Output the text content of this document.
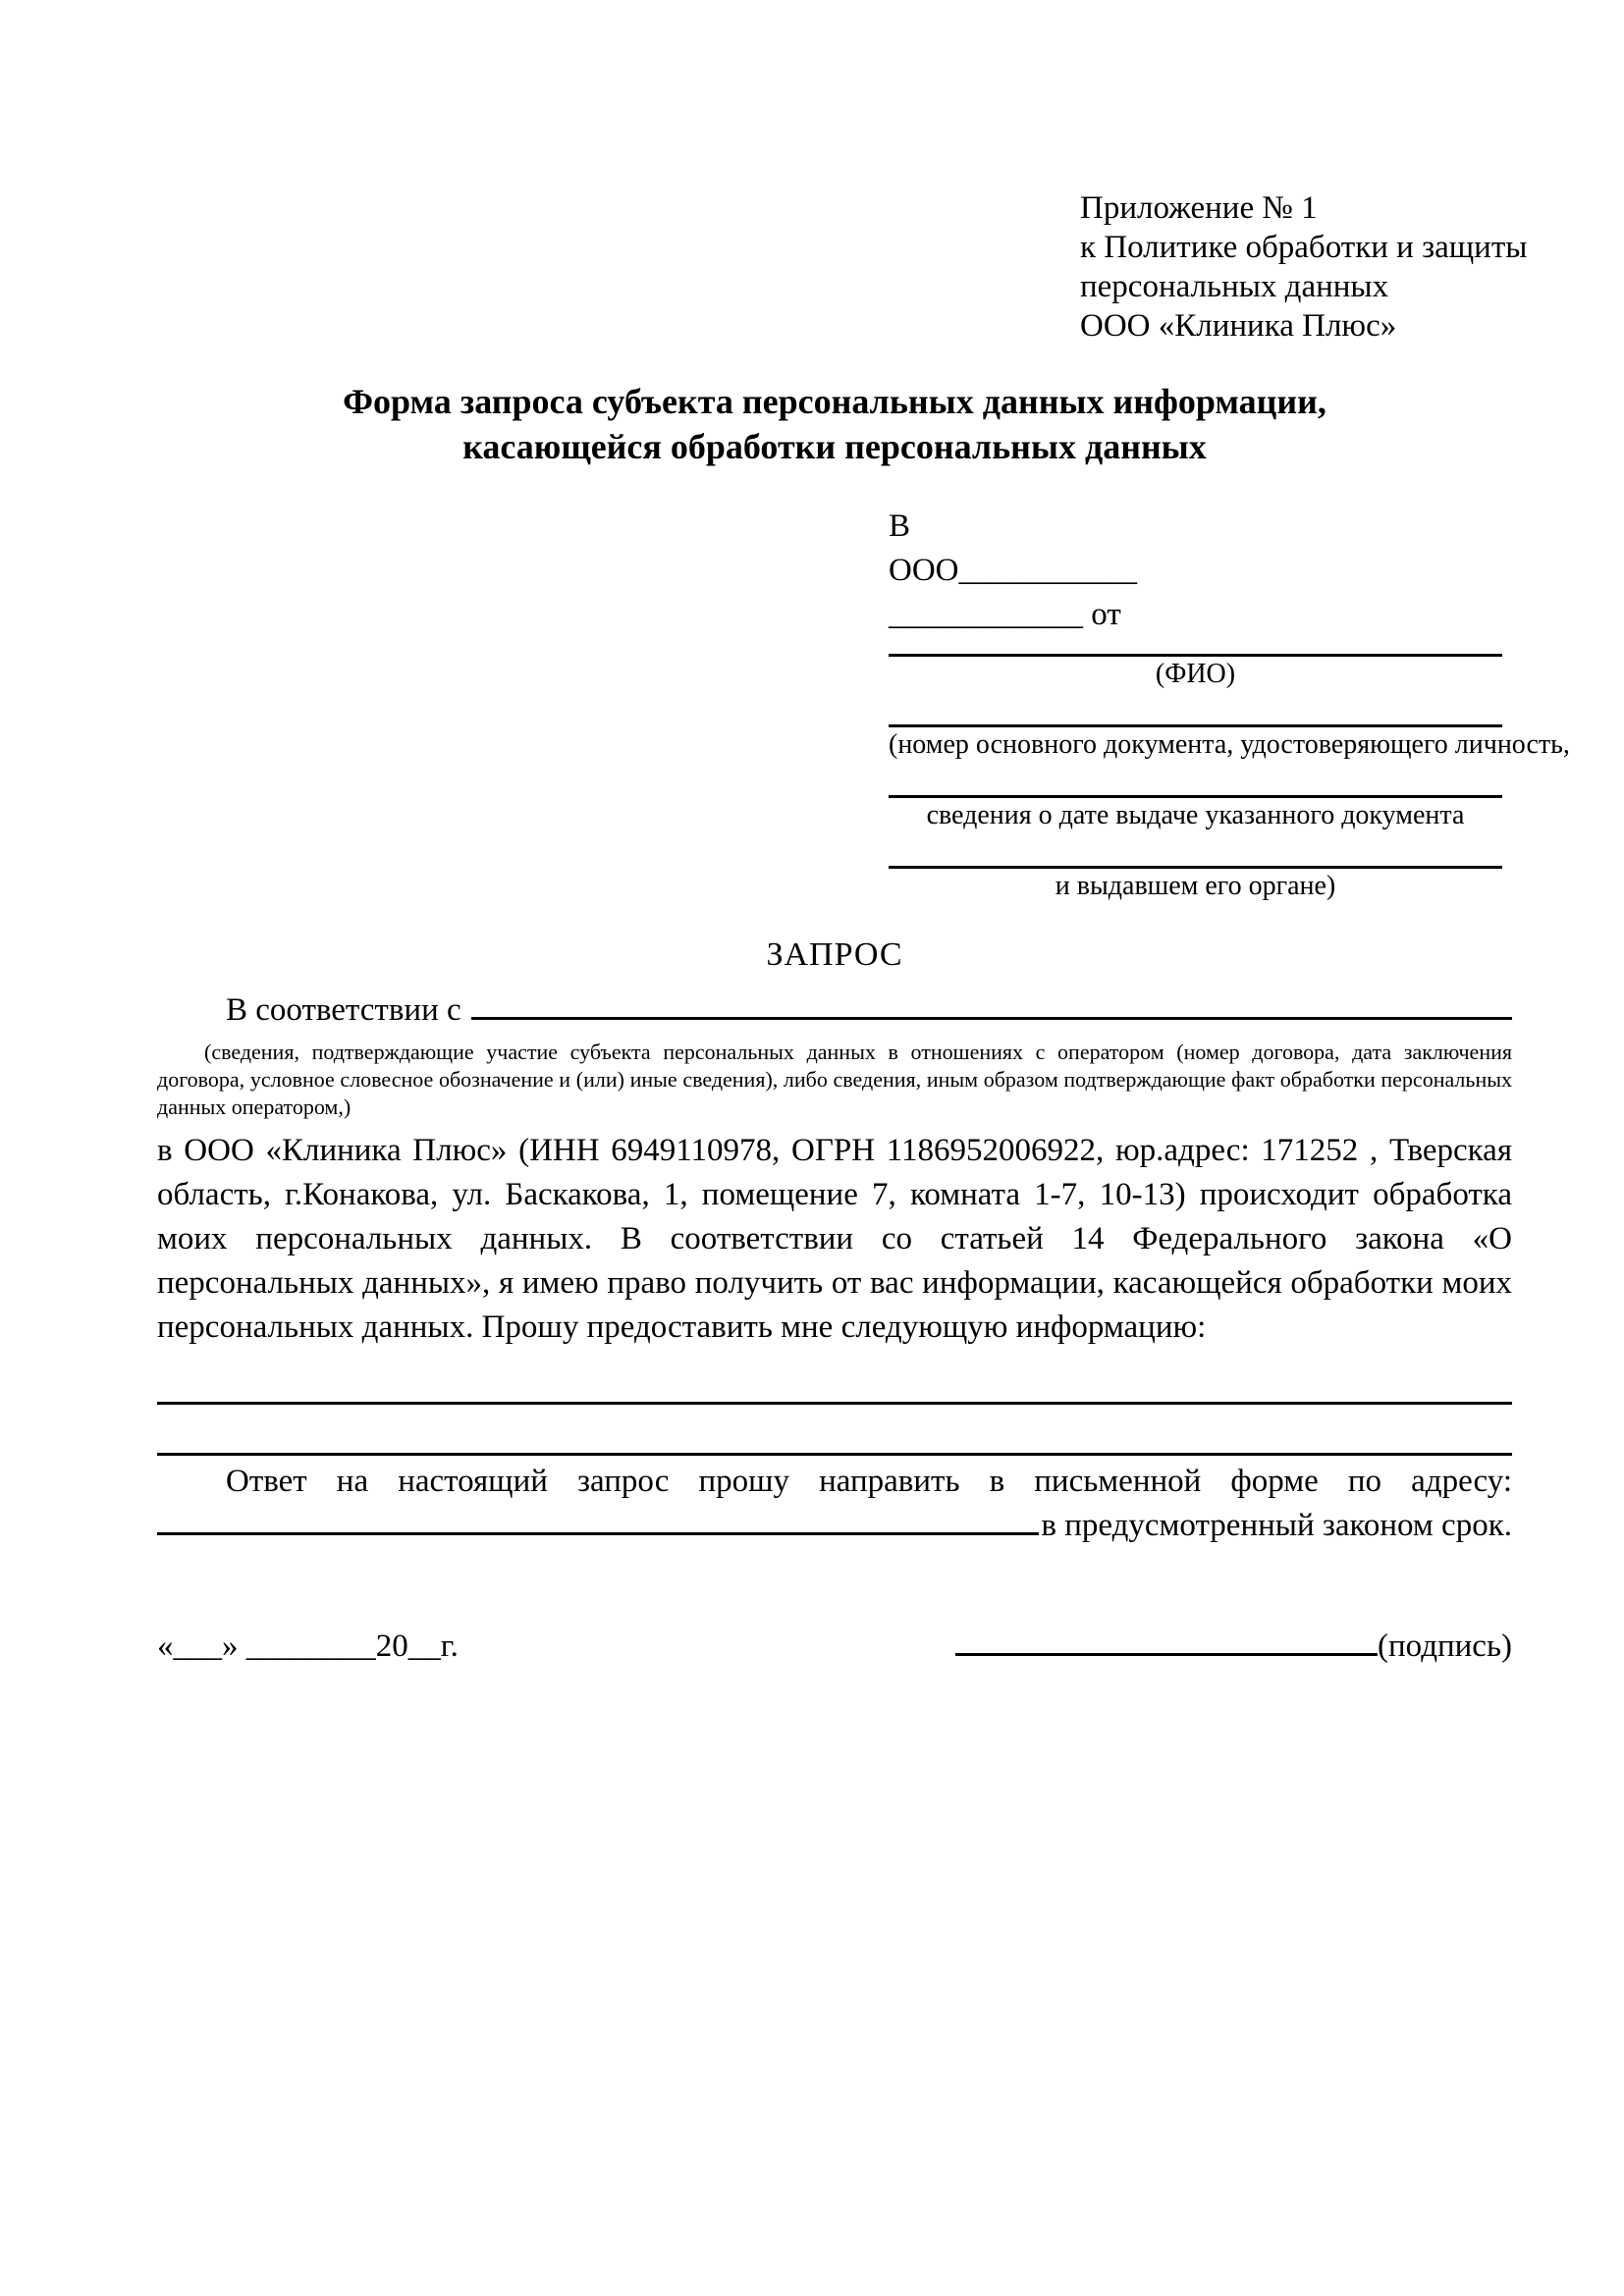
Приложение № 1
к Политике обработки и защиты
персональных данных
ООО «Клиника Плюс»
Форма запроса субъекта персональных данных информации, касающейся обработки персональных данных
В
ООО___________
____________ от
(ФИО)
(номер основного документа, удостоверяющего личность,
сведения о дате выдаче указанного документа
и выдавшем его органе)
ЗАПРОС
В соответствии с
(сведения, подтверждающие участие субъекта персональных данных в отношениях с оператором (номер договора, дата заключения договора, условное словесное обозначение и (или) иные сведения), либо сведения, иным образом подтверждающие факт обработки персональных данных оператором,)
в ООО «Клиника Плюс» (ИНН 6949110978, ОГРН 1186952006922, юр.адрес: 171252 , Тверская область, г.Конакова, ул. Баскакова, 1, помещение 7, комната 1-7, 10-13) происходит обработка моих персональных данных. В соответствии со статьей 14 Федерального закона «О персональных данных», я имею право получить от вас информации, касающейся обработки моих персональных данных. Прошу предоставить мне следующую информацию:
Ответ на настоящий запрос прошу направить в письменной форме по адресу:
в предусмотренный законом срок.
«___» ________20__г.	(подпись)
